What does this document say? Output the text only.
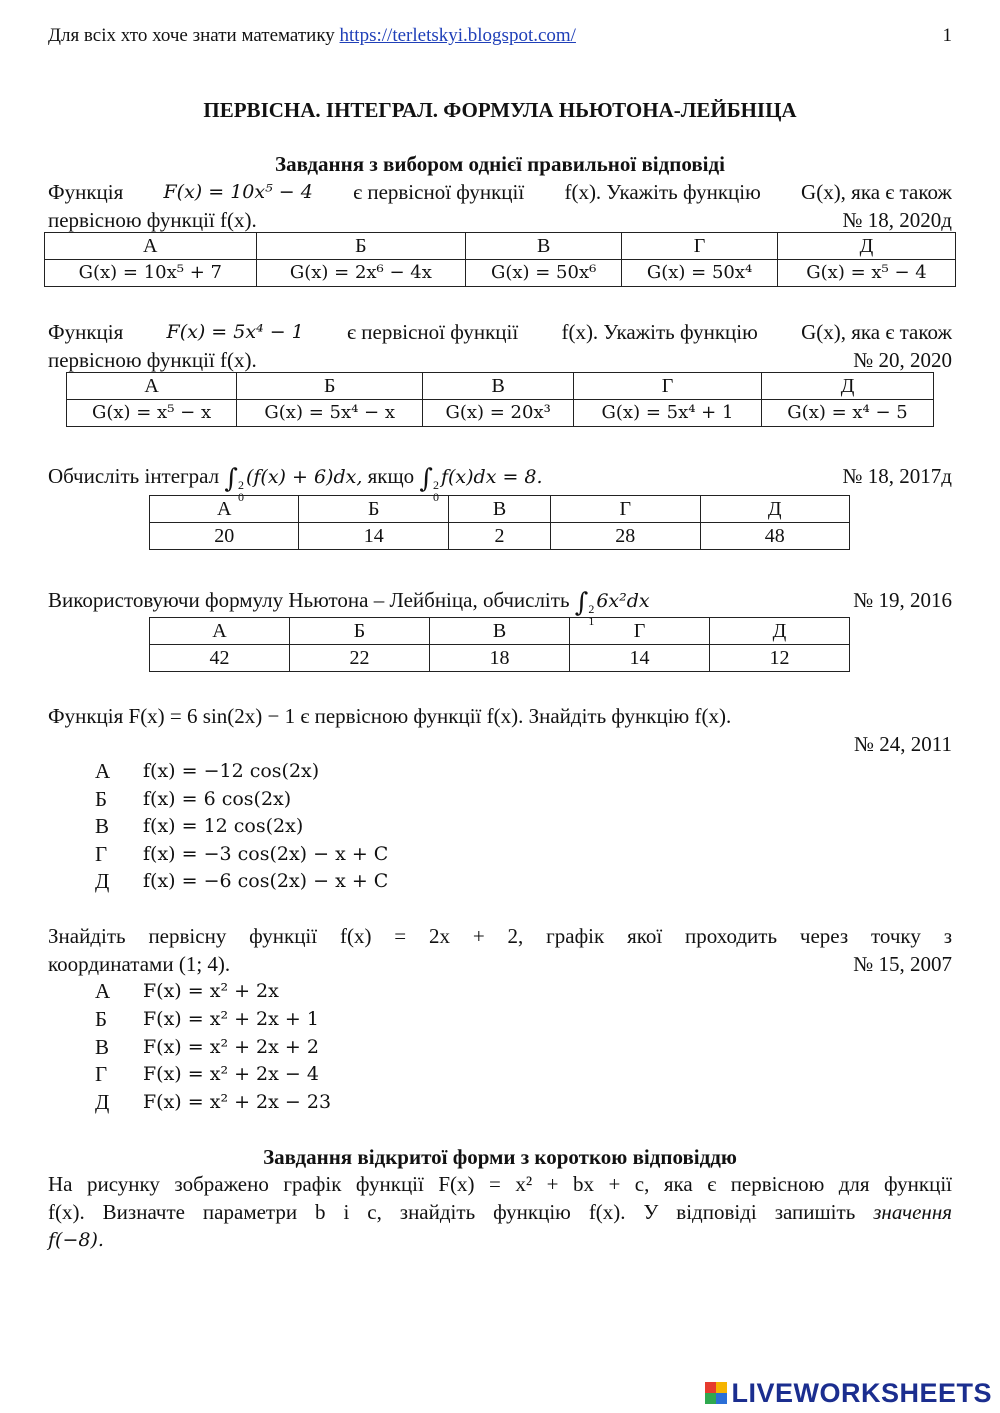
Для всіх хто хоче знати математику https://terletskyi.blogspot.com/	1
ПЕРВІСНА. ІНТЕГРАЛ. ФОРМУЛА НЬЮТОНА-ЛЕЙБНІЦА
Завдання з вибором однієї правильної відповіді
Функція F(x) = 10x⁵ − 4 є первісної функції f(x). Укажіть функцію G(x), яка є також
первісною функції f(x).	№ 18, 2020д
А	Б	В	Г	Д
G(x) = 10x⁵ + 7	G(x) = 2x⁶ − 4x	G(x) = 50x⁶	G(x) = 50x⁴	G(x) = x⁵ − 4
Функція F(x) = 5x⁴ − 1 є первісної функції f(x). Укажіть функцію G(x), яка є також
первісною функції f(x).	№ 20, 2020
А	Б	В	Г	Д
G(x) = x⁵ − x	G(x) = 5x⁴ − x	G(x) = 20x³	G(x) = 5x⁴ + 1	G(x) = x⁴ − 5
Обчисліть інтеграл ∫ 2
0
(f(x) + 6)dx, якщо ∫ 2
0
f(x)dx = 8.	№ 18, 2017д
А	Б	В	Г	Д
20	14	2	28	48
Використовуючи формулу Ньютона – Лейбніца, обчисліть ∫ 2
1
6x²dx	№ 19, 2016
А	Б	В	Г	Д
42	22	18	14	12
Функція F(x) = 6 sin(2x) − 1 є первісною функції f(x). Знайдіть функцію f(x).
№ 24, 2011
А	f(x) = −12 cos(2x)
Б	f(x) = 6 cos(2x)
В	f(x) = 12 cos(2x)
Г	f(x) = −3 cos(2x) − x + C
Д	f(x) = −6 cos(2x) − x + C
Знайдіть первісну функції f(x) = 2x + 2, графік якої проходить через точку з
координатами (1; 4).	№ 15, 2007
А	F(x) = x² + 2x
Б	F(x) = x² + 2x + 1
В	F(x) = x² + 2x + 2
Г	F(x) = x² + 2x − 4
Д	F(x) = x² + 2x − 23
Завдання відкритої форми з короткою відповіддю
На рисунку зображено графік функції F(x) = x² + bx + c, яка є первісною для функції
f(x). Визначте параметри b і c, знайдіть функцію f(x). У відповіді запишіть значення
f(−8).
LIVEWORKSHEETS
